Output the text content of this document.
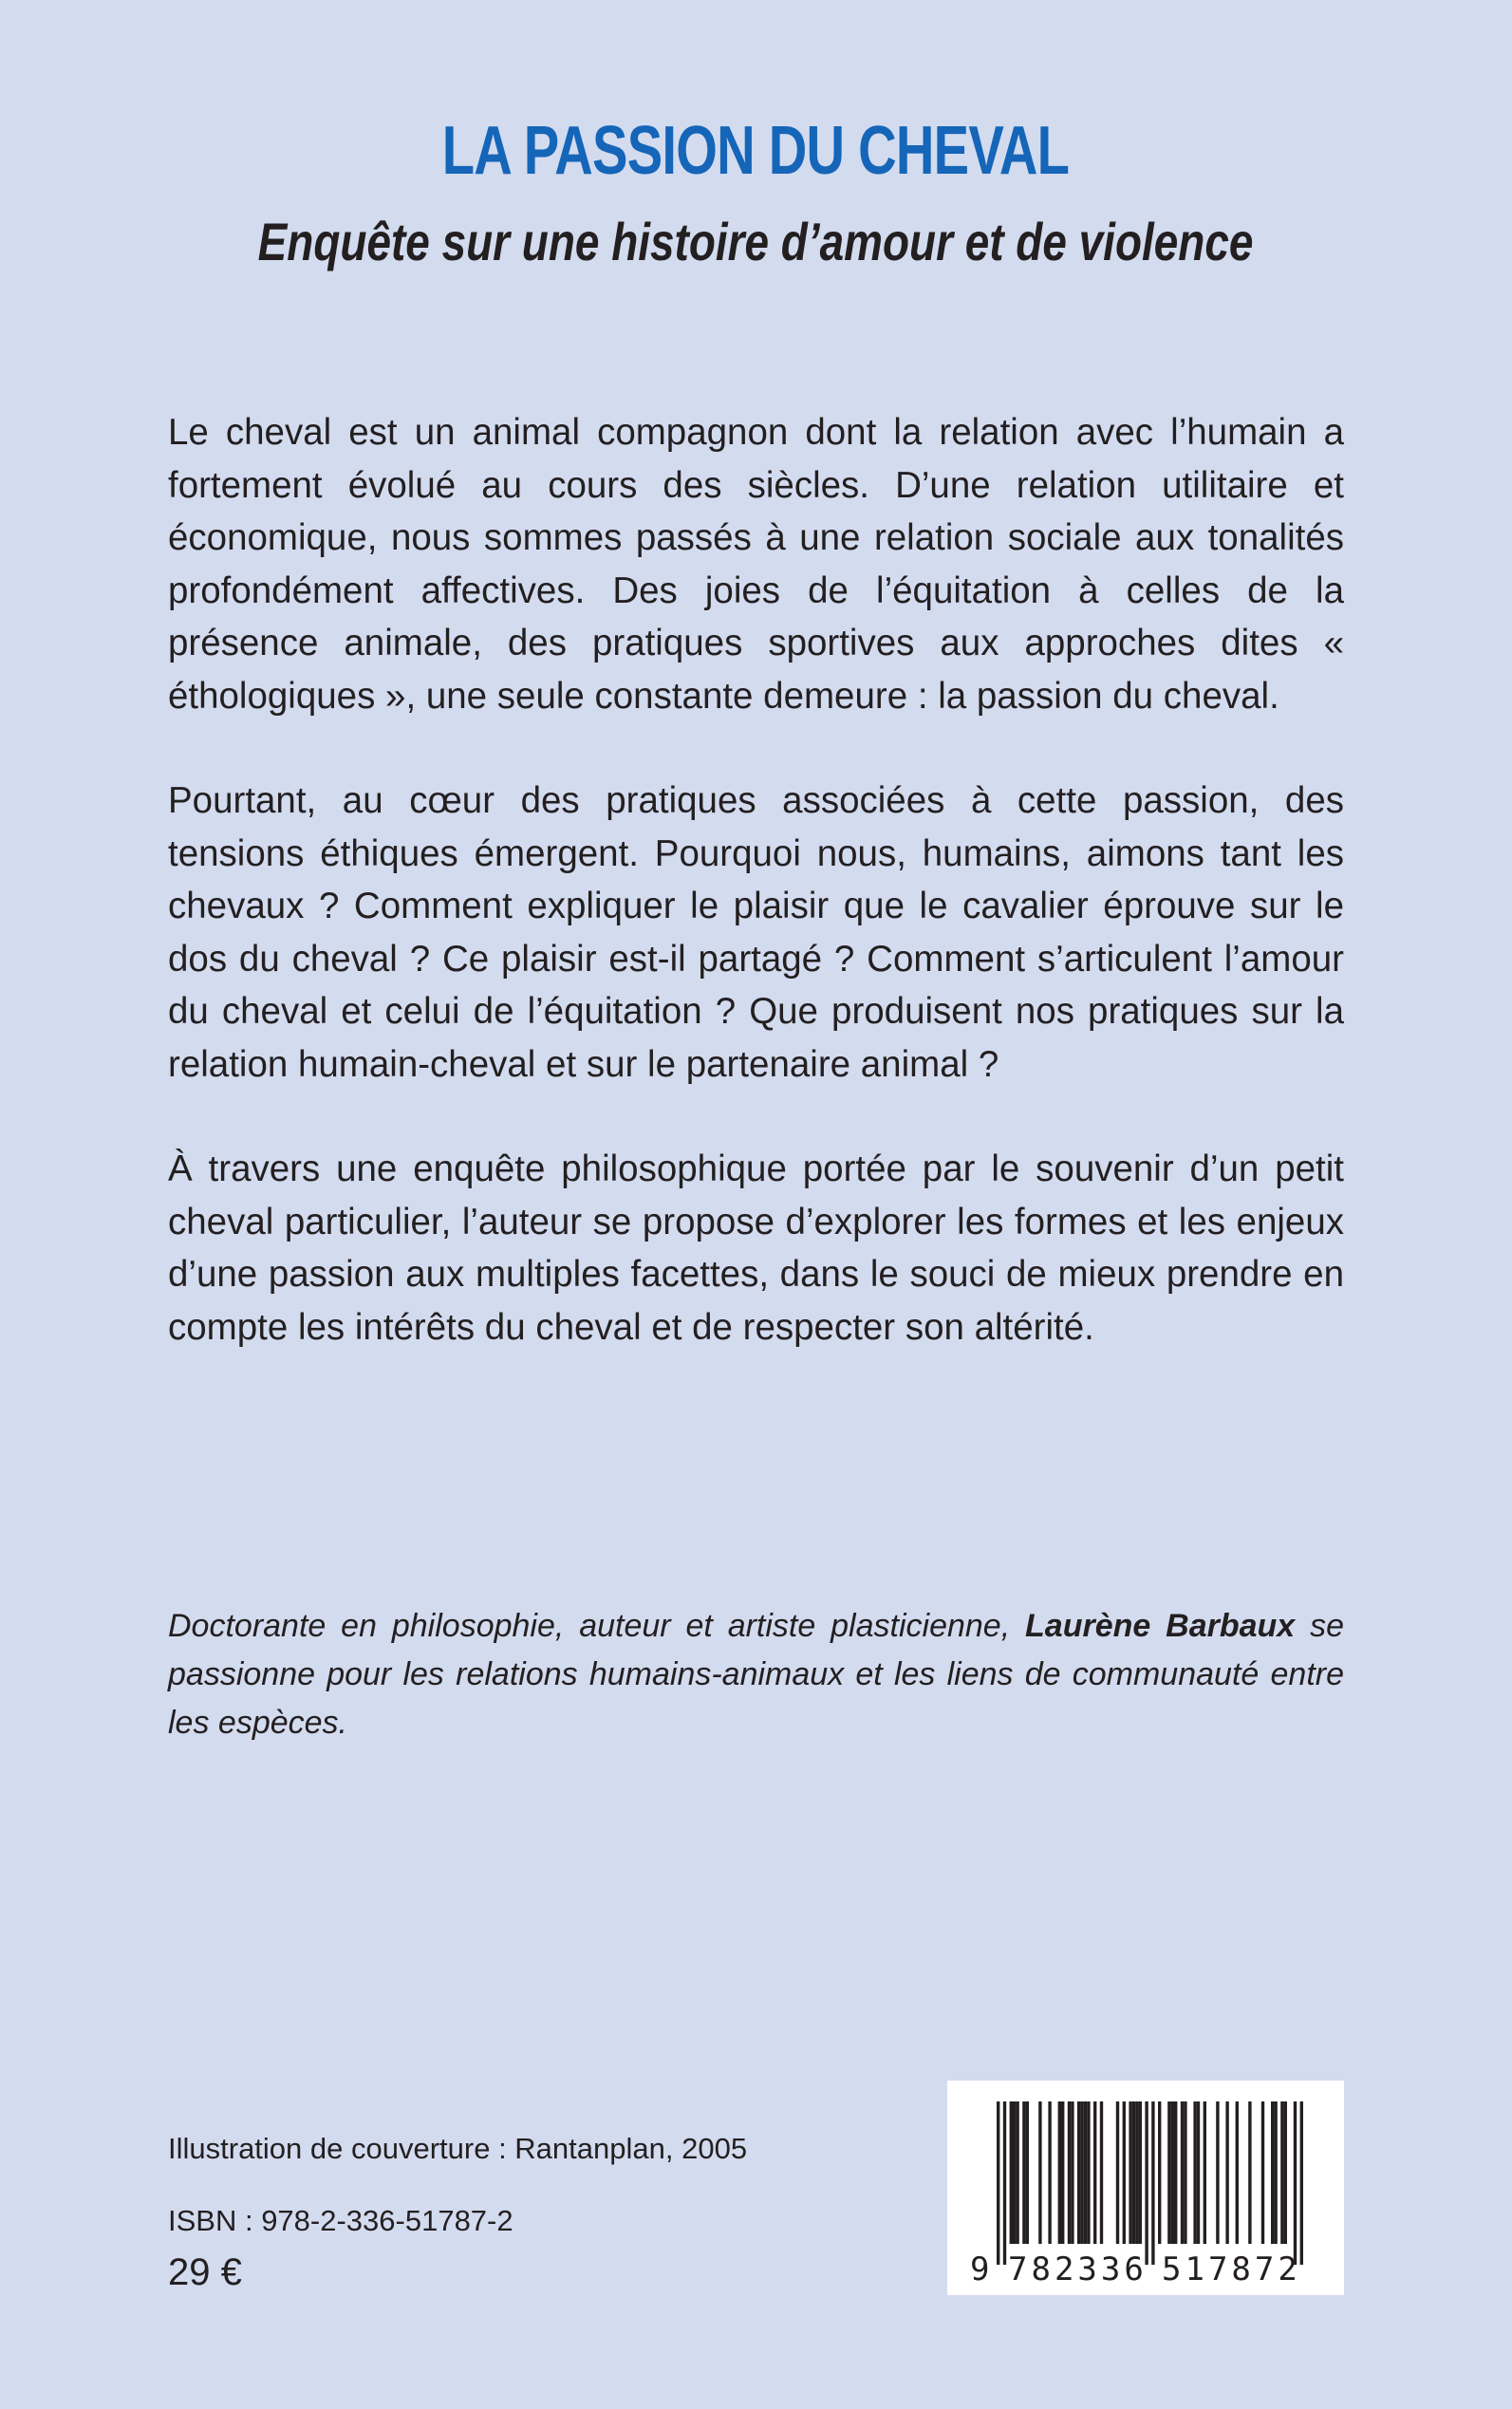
LA PASSION DU CHEVAL
Enquête sur une histoire d’amour et de violence

Le cheval est un animal compagnon dont la relation avec l’humain a fortement évolué au cours des siècles. D’une relation utilitaire et économique, nous sommes passés à une relation sociale aux tonalités profondément affectives. Des joies de l’équitation à celles de la présence animale, des pratiques sportives aux approches dites « éthologiques », une seule constante demeure : la passion du cheval.

Pourtant, au cœur des pratiques associées à cette passion, des tensions éthiques émergent. Pourquoi nous, humains, aimons tant les chevaux ? Comment expliquer le plaisir que le cavalier éprouve sur le dos du cheval ? Ce plaisir est-il partagé ? Comment s’articulent l’amour du cheval et celui de l’équitation ? Que produisent nos pratiques sur la relation humain-cheval et sur le partenaire animal ?

À travers une enquête philosophique portée par le souvenir d’un petit cheval particulier, l’auteur se propose d’explorer les formes et les enjeux d’une passion aux multiples facettes, dans le souci de mieux prendre en compte les intérêts du cheval et de respecter son altérité.

Doctorante en philosophie, auteur et artiste plasticienne, Laurène Barbaux se passionne pour les relations humains-animaux et les liens de communauté entre les espèces.

Illustration de couverture : Rantanplan, 2005

ISBN : 978-2-336-51787-2

29 €	9 782336 517872
